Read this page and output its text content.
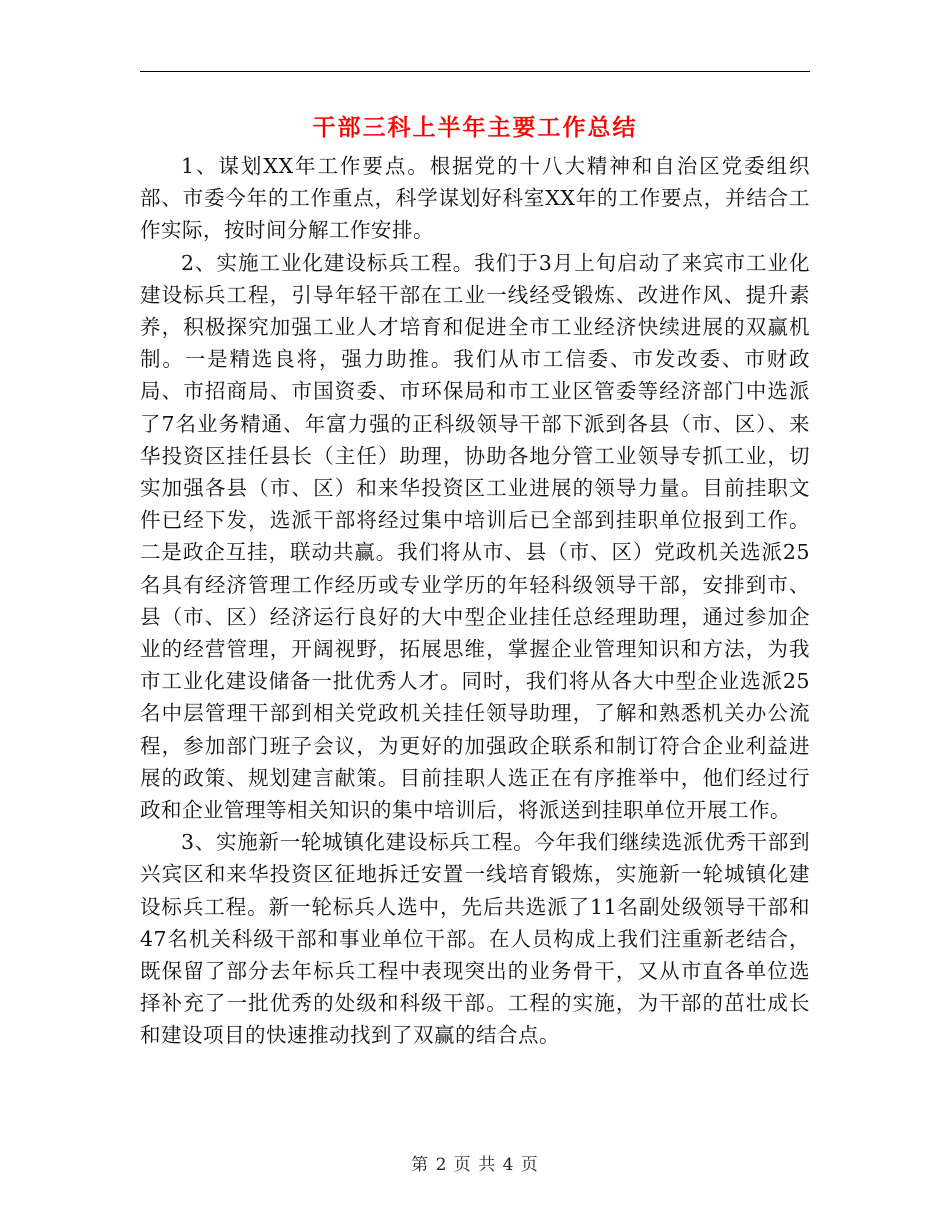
干部三科上半年主要工作总结

1、谋划XX年工作要点。根据党的十八大精神和自治区党委组织部、市委今年的工作重点，科学谋划好科室XX年的工作要点，并结合工作实际，按时间分解工作安排。

2、实施工业化建设标兵工程。我们于3月上旬启动了来宾市工业化建设标兵工程，引导年轻干部在工业一线经受锻炼、改进作风、提升素养，积极探究加强工业人才培育和促进全市工业经济快续进展的双赢机制。一是精选良将，强力助推。我们从市工信委、市发改委、市财政局、市招商局、市国资委、市环保局和市工业区管委等经济部门中选派了7名业务精通、年富力强的正科级领导干部下派到各县（市、区）、来华投资区挂任县长（主任）助理，协助各地分管工业领导专抓工业，切实加强各县（市、区）和来华投资区工业进展的领导力量。目前挂职文件已经下发，选派干部将经过集中培训后已全部到挂职单位报到工作。二是政企互挂，联动共赢。我们将从市、县（市、区）党政机关选派25名具有经济管理工作经历或专业学历的年轻科级领导干部，安排到市、县（市、区）经济运行良好的大中型企业挂任总经理助理，通过参加企业的经营管理，开阔视野，拓展思维，掌握企业管理知识和方法，为我市工业化建设储备一批优秀人才。同时，我们将从各大中型企业选派25名中层管理干部到相关党政机关挂任领导助理，了解和熟悉机关办公流程，参加部门班子会议，为更好的加强政企联系和制订符合企业利益进展的政策、规划建言献策。目前挂职人选正在有序推举中，他们经过行政和企业管理等相关知识的集中培训后，将派送到挂职单位开展工作。

3、实施新一轮城镇化建设标兵工程。今年我们继续选派优秀干部到兴宾区和来华投资区征地拆迁安置一线培育锻炼，实施新一轮城镇化建设标兵工程。新一轮标兵人选中，先后共选派了11名副处级领导干部和47名机关科级干部和事业单位干部。在人员构成上我们注重新老结合，既保留了部分去年标兵工程中表现突出的业务骨干，又从市直各单位选择补充了一批优秀的处级和科级干部。工程的实施，为干部的茁壮成长和建设项目的快速推动找到了双赢的结合点。

第 2 页 共 4 页
